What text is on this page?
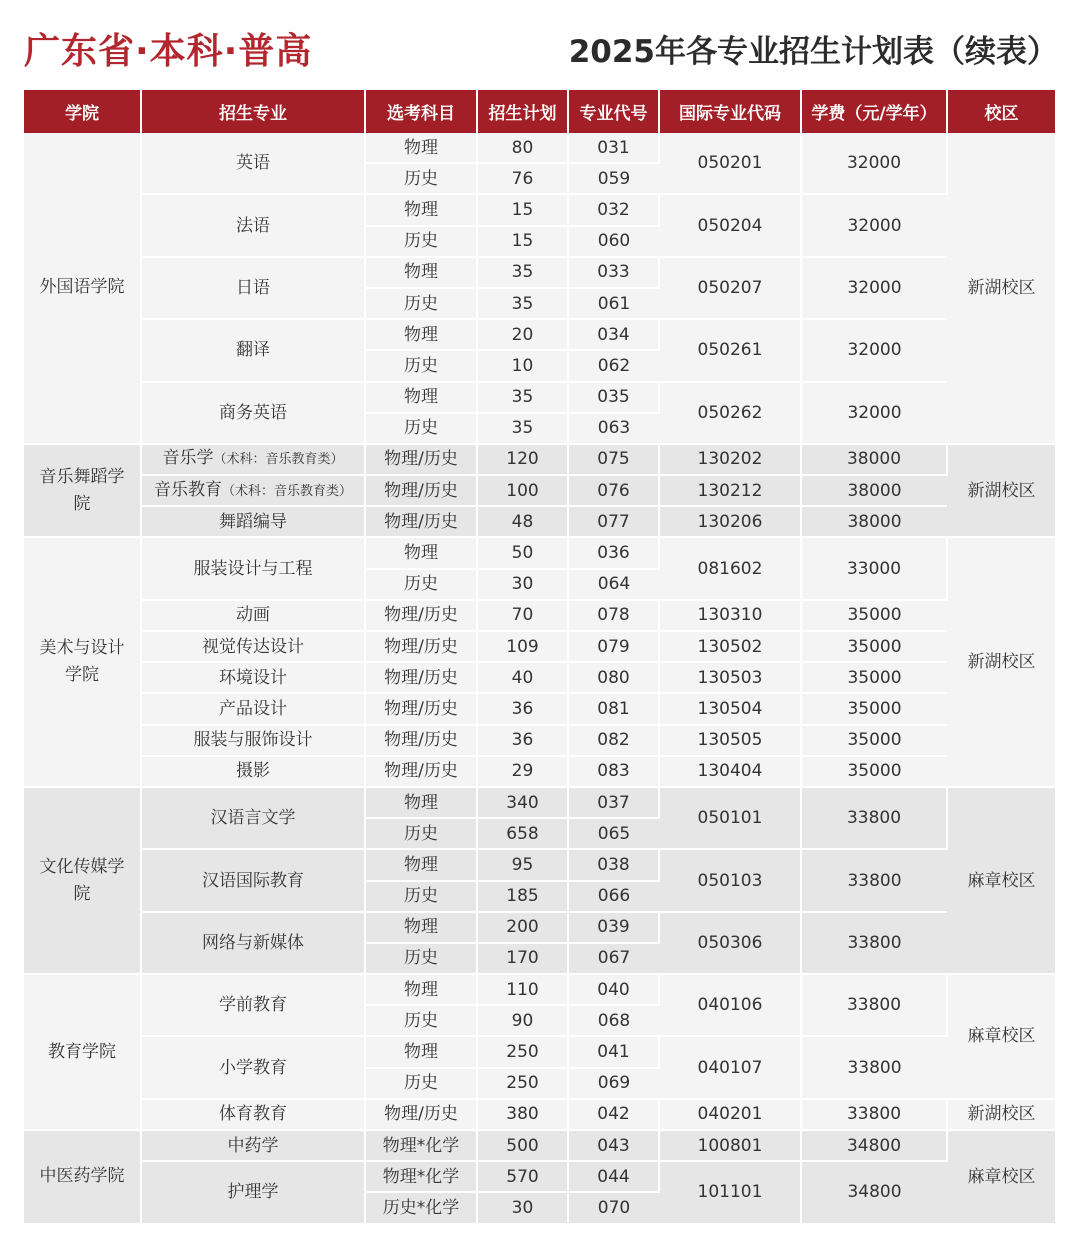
广东省·本科·普高	2025年各专业招生计划表（续表）
学院	招生专业	选考科目	招生计划	专业代号	国际专业代码	学费（元/学年）	校区
外国语学院	英语	物理	80	031	050201	32000	新湖校区
		历史	76	059			
	法语	物理	15	032	050204	32000	
		历史	15	060			
	日语	物理	35	033	050207	32000	
		历史	35	061			
	翻译	物理	20	034	050261	32000	
		历史	10	062			
	商务英语	物理	35	035	050262	32000	
		历史	35	063			
音乐舞蹈学院	音乐学（术科：音乐教育类）	物理/历史	120	075	130202	38000	新湖校区
	音乐教育（术科：音乐教育类）	物理/历史	100	076	130212	38000	
	舞蹈编导	物理/历史	48	077	130206	38000	
美术与设计学院	服装设计与工程	物理	50	036	081602	33000	新湖校区
		历史	30	064			
	动画	物理/历史	70	078	130310	35000	
	视觉传达设计	物理/历史	109	079	130502	35000	
	环境设计	物理/历史	40	080	130503	35000	
	产品设计	物理/历史	36	081	130504	35000	
	服装与服饰设计	物理/历史	36	082	130505	35000	
	摄影	物理/历史	29	083	130404	35000	
文化传媒学院	汉语言文学	物理	340	037	050101	33800	麻章校区
		历史	658	065			
	汉语国际教育	物理	95	038	050103	33800	
		历史	185	066			
	网络与新媒体	物理	200	039	050306	33800	
		历史	170	067			
教育学院	学前教育	物理	110	040	040106	33800	麻章校区
		历史	90	068			
	小学教育	物理	250	041	040107	33800	
		历史	250	069			
	体育教育	物理/历史	380	042	040201	33800	新湖校区
中医药学院	中药学	物理*化学	500	043	100801	34800	麻章校区
	护理学	物理*化学	570	044	101101	34800	
		历史*化学	30	070			
